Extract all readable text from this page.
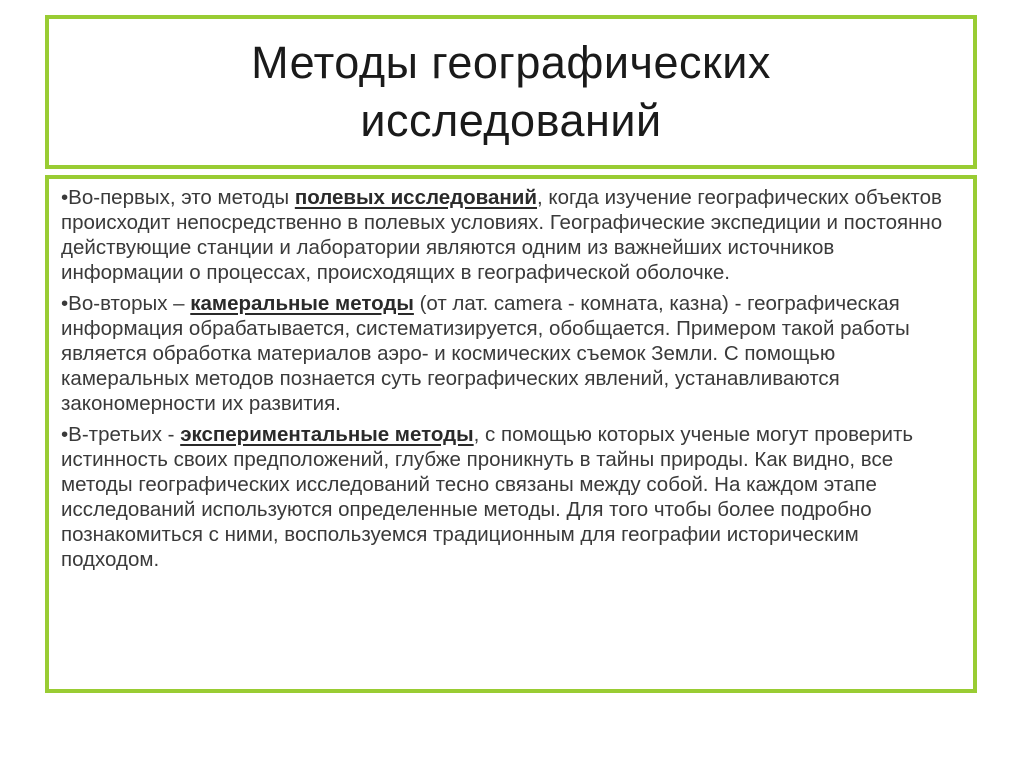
Методы географических
исследований

•Во-первых, это методы полевых исследований, когда изучение географических объектов происходит непосредственно в полевых условиях. Географические экспедиции и постоянно действующие станции и лаборатории являются одним из важнейших источников информации о процессах, происходящих в географической оболочке.

•Во-вторых – камеральные методы (от лат. camera - комната, казна) - географическая информация обрабатывается, систематизируется, обобщается. Примером такой работы является обработка материалов аэро- и космических съемок Земли. С помощью камеральных методов познается суть географических явлений, устанавливаются закономерности их развития.

•В-третьих - экспериментальные методы, с помощью которых ученые могут проверить истинность своих предположений, глубже проникнуть в тайны природы. Как видно, все методы географических исследований тесно связаны между собой. На каждом этапе исследований используются определенные методы. Для того чтобы более подробно познакомиться с ними, воспользуемся традиционным для географии историческим подходом.
